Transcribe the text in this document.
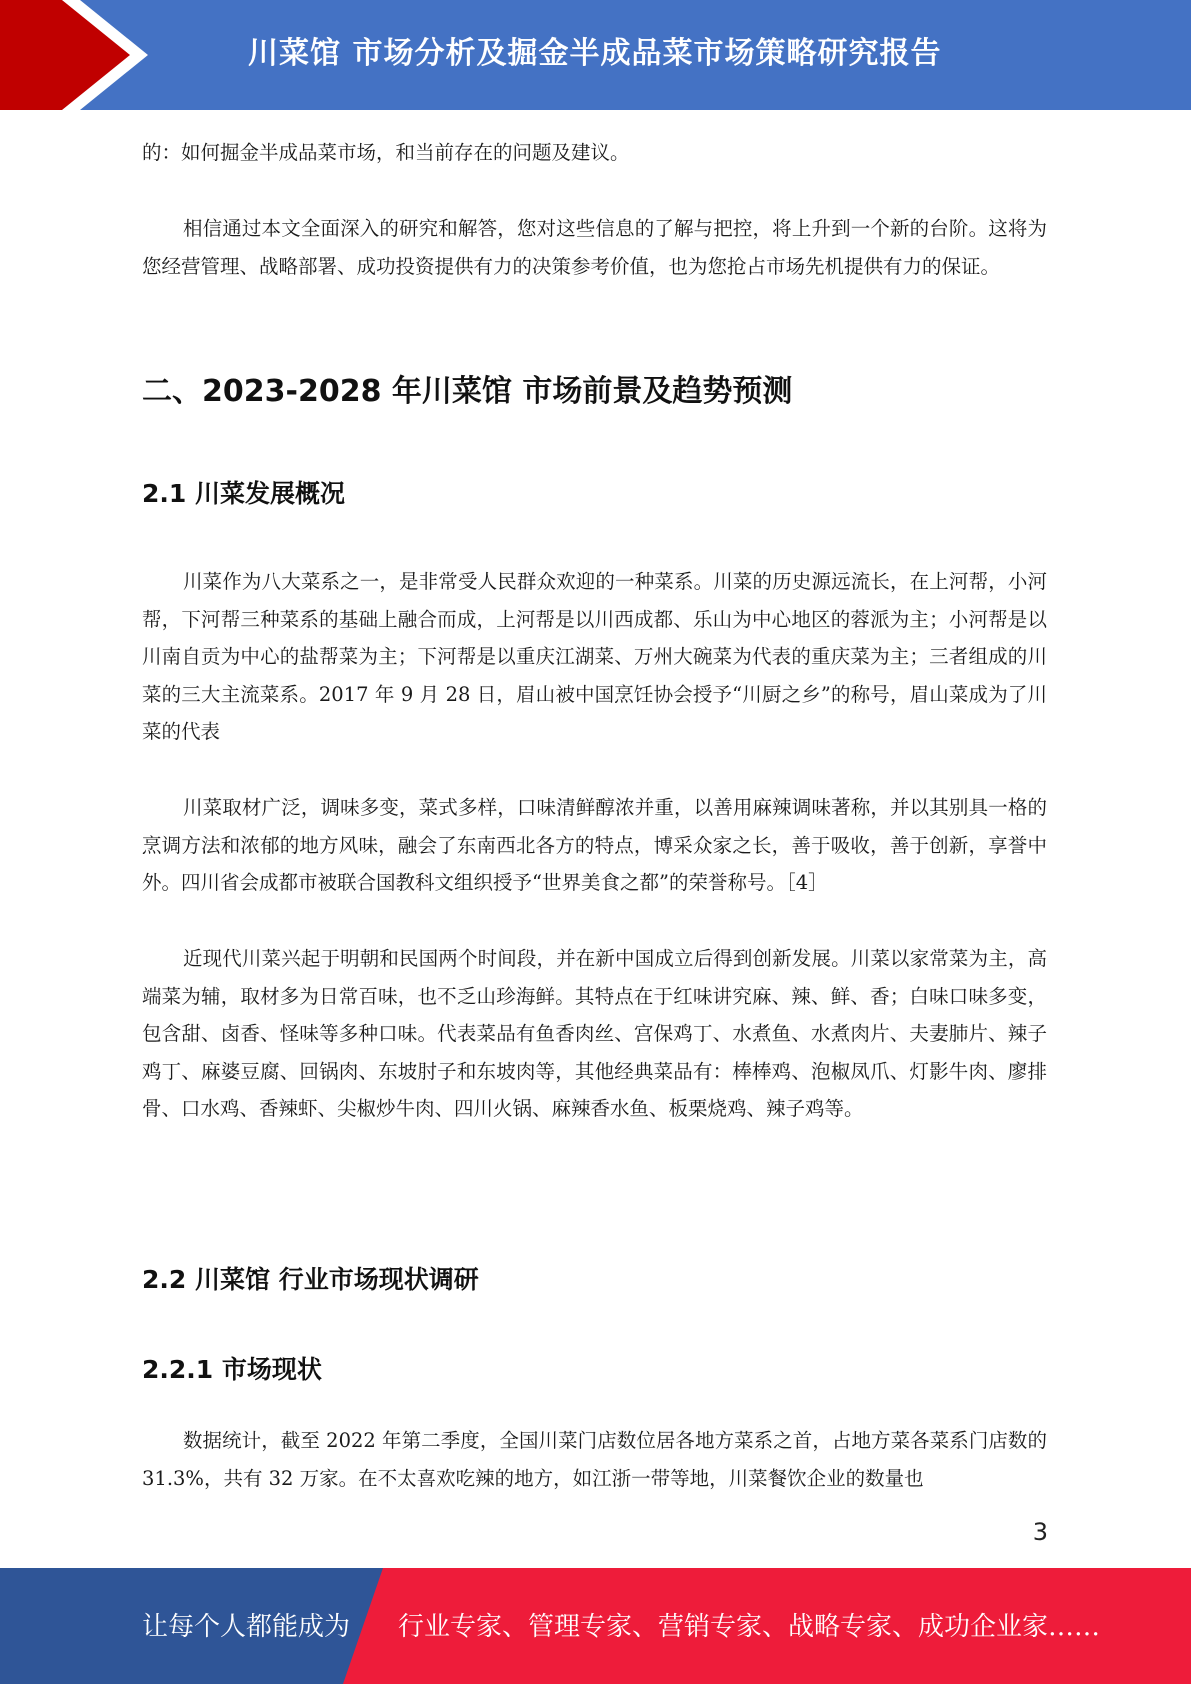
川菜馆 市场分析及掘金半成品菜市场策略研究报告

的：如何掘金半成品菜市场，和当前存在的问题及建议。

相信通过本文全面深入的研究和解答，您对这些信息的了解与把控，将上升到一个新的台阶。这将为您经营管理、战略部署、成功投资提供有力的决策参考价值，也为您抢占市场先机提供有力的保证。

二、2023-2028 年川菜馆 市场前景及趋势预测
2.1 川菜发展概况

川菜作为八大菜系之一，是非常受人民群众欢迎的一种菜系。川菜的历史源远流长，在上河帮，小河帮，下河帮三种菜系的基础上融合而成，上河帮是以川西成都、乐山为中心地区的蓉派为主；小河帮是以川南自贡为中心的盐帮菜为主；下河帮是以重庆江湖菜、万州大碗菜为代表的重庆菜为主；三者组成的川菜的三大主流菜系。2017 年 9 月 28 日，眉山被中国烹饪协会授予“川厨之乡”的称号，眉山菜成为了川菜的代表

川菜取材广泛，调味多变，菜式多样，口味清鲜醇浓并重，以善用麻辣调味著称，并以其别具一格的烹调方法和浓郁的地方风味，融会了东南西北各方的特点，博采众家之长，善于吸收，善于创新，享誉中外。四川省会成都市被联合国教科文组织授予“世界美食之都”的荣誉称号。［4］

近现代川菜兴起于明朝和民国两个时间段，并在新中国成立后得到创新发展。川菜以家常菜为主，高端菜为辅，取材多为日常百味，也不乏山珍海鲜。其特点在于红味讲究麻、辣、鲜、香；白味口味多变，包含甜、卤香、怪味等多种口味。代表菜品有鱼香肉丝、宫保鸡丁、水煮鱼、水煮肉片、夫妻肺片、辣子鸡丁、麻婆豆腐、回锅肉、东坡肘子和东坡肉等，其他经典菜品有：棒棒鸡、泡椒凤爪、灯影牛肉、廖排骨、口水鸡、香辣虾、尖椒炒牛肉、四川火锅、麻辣香水鱼、板栗烧鸡、辣子鸡等。

2.2 川菜馆 行业市场现状调研
2.2.1 市场现状

数据统计，截至 2022 年第二季度，全国川菜门店数位居各地方菜系之首，占地方菜各菜系门店数的 31.3%，共有 32 万家。在不太喜欢吃辣的地方，如江浙一带等地，川菜餐饮企业的数量也

3
让每个人都能成为 行业专家、管理专家、营销专家、战略专家、成功企业家……
